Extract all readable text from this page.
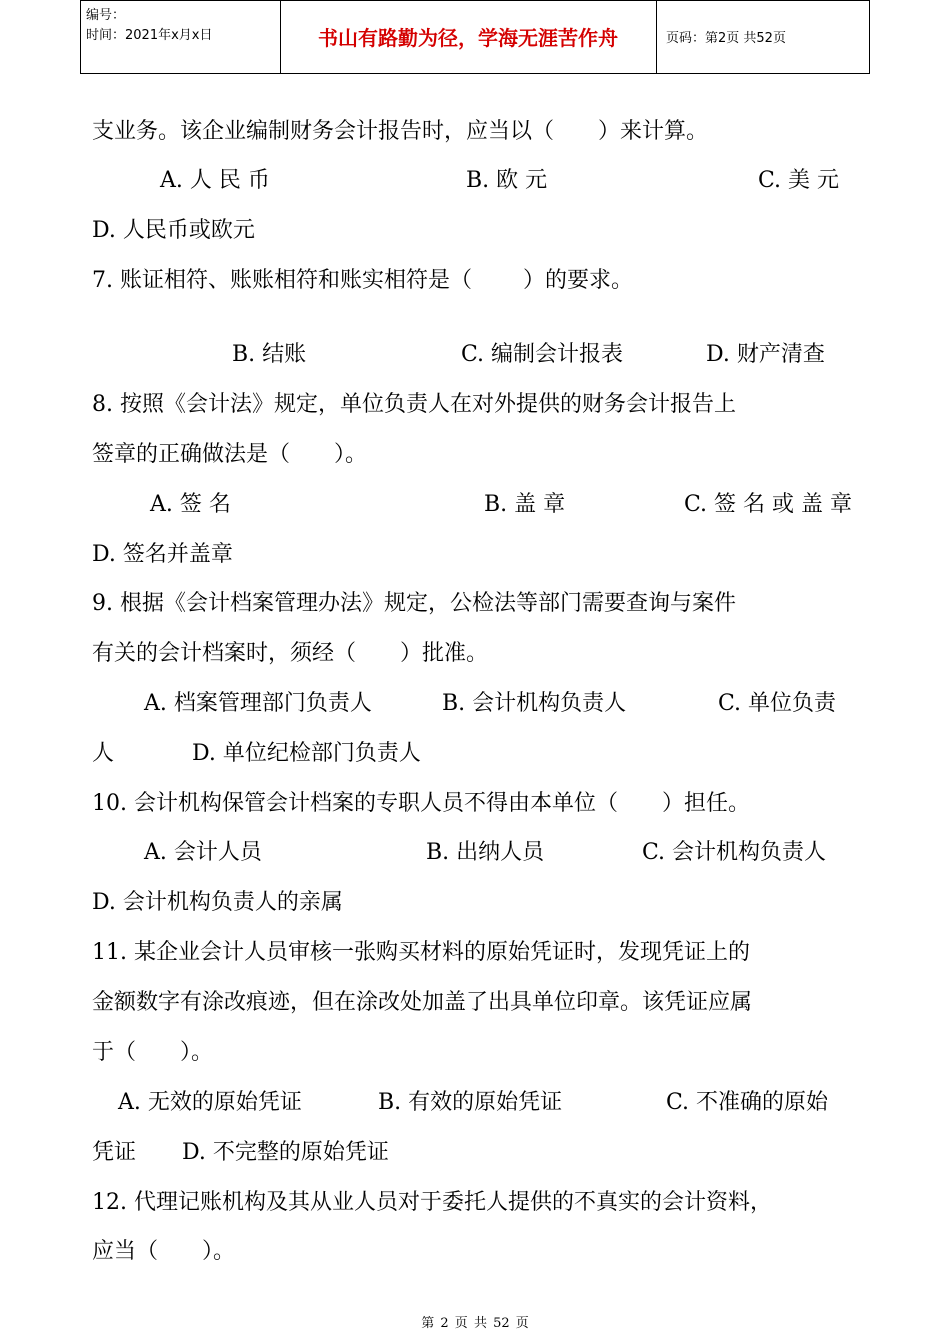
编号：
时间：2021年x月x日	书山有路勤为径，学海无涯苦作舟	页码：第2页 共52页
支业务。该企业编制财务会计报告时，应当以（　　）来计算。
A. 人 民 币	B. 欧 元	C. 美 元
D. 人民币或欧元
7. 账证相符、账账相符和账实相符是（　　 ）的要求。
B. 结账	C. 编制会计报表	D. 财产清查
8. 按照《会计法》规定，单位负责人在对外提供的财务会计报告上
签章的正确做法是（　　）。
A. 签 名	B. 盖 章	C. 签 名 或 盖 章
D. 签名并盖章
9. 根据《会计档案管理办法》规定，公检法等部门需要查询与案件
有关的会计档案时，须经（　　）批准。
A. 档案管理部门负责人	B. 会计机构负责人	C. 单位负责
人	D. 单位纪检部门负责人
10. 会计机构保管会计档案的专职人员不得由本单位（　　）担任。
A. 会计人员	B. 出纳人员	C. 会计机构负责人
D. 会计机构负责人的亲属
11. 某企业会计人员审核一张购买材料的原始凭证时，发现凭证上的
金额数字有涂改痕迹，但在涂改处加盖了出具单位印章。该凭证应属
于（　　）。
A. 无效的原始凭证	B. 有效的原始凭证	C. 不准确的原始
凭证 D. 不完整的原始凭证
12. 代理记账机构及其从业人员对于委托人提供的不真实的会计资料，
应当（　　）。
第 2 页 共 52 页
